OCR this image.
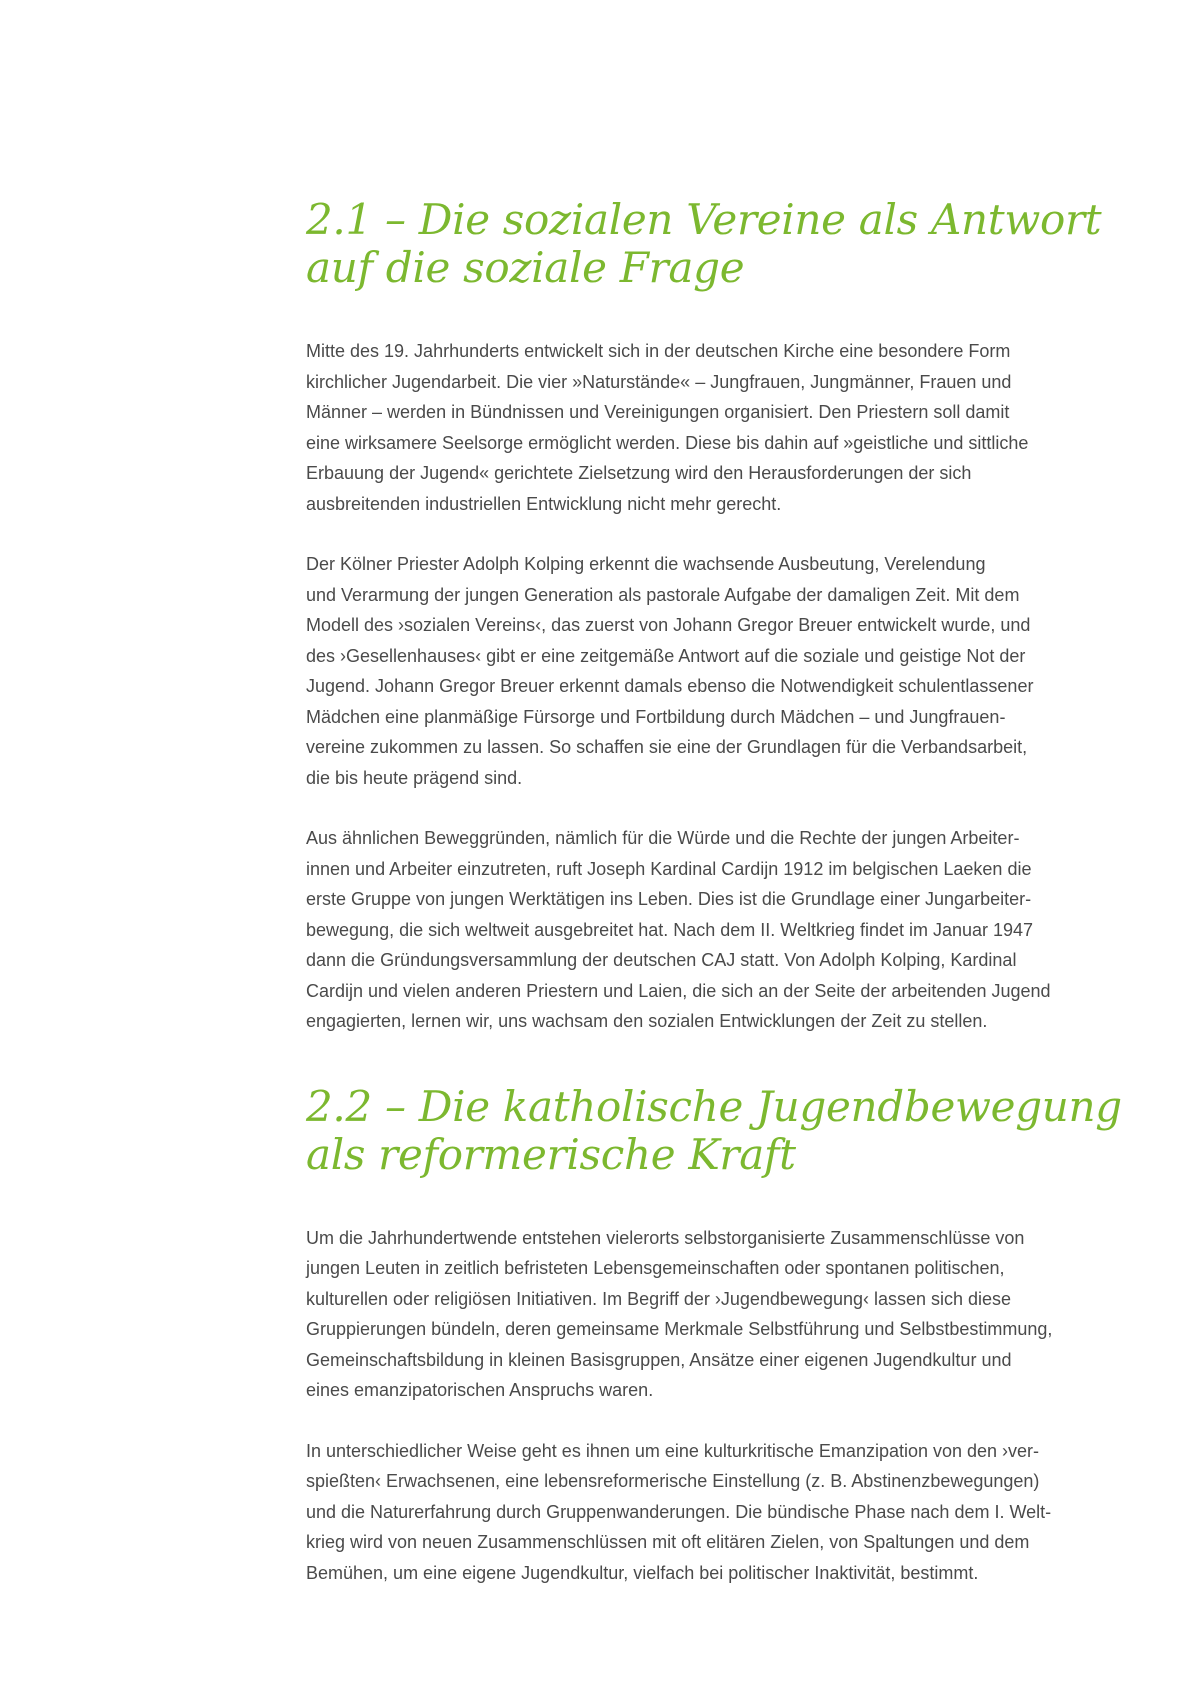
2.1 – Die sozialen Vereine als Antwort
auf die soziale Frage

Mitte des 19. Jahrhunderts entwickelt sich in der deutschen Kirche eine besondere Form
kirchlicher Jugendarbeit. Die vier »Naturstände« – Jungfrauen, Jungmänner, Frauen und
Männer – werden in Bündnissen und Vereinigungen organisiert. Den Priestern soll damit
eine wirksamere Seelsorge ermöglicht werden. Diese bis dahin auf »geistliche und sittliche
Erbauung der Jugend« gerichtete Zielsetzung wird den Herausforderungen der sich
ausbreitenden industriellen Entwicklung nicht mehr gerecht.

Der Kölner Priester Adolph Kolping erkennt die wachsende Ausbeutung, Verelendung
und Verarmung der jungen Generation als pastorale Aufgabe der damaligen Zeit. Mit dem
Modell des ›sozialen Vereins‹, das zuerst von Johann Gregor Breuer entwickelt wurde, und
des ›Gesellenhauses‹ gibt er eine zeitgemäße Antwort auf die soziale und geistige Not der
Jugend. Johann Gregor Breuer erkennt damals ebenso die Notwendigkeit schulentlassener
Mädchen eine planmäßige Fürsorge und Fortbildung durch Mädchen – und Jungfrauen-
vereine zukommen zu lassen. So schaffen sie eine der Grundlagen für die Verbandsarbeit,
die bis heute prägend sind.

Aus ähnlichen Beweggründen, nämlich für die Würde und die Rechte der jungen Arbeiter-
innen und Arbeiter einzutreten, ruft Joseph Kardinal Cardijn 1912 im belgischen Laeken die
erste Gruppe von jungen Werktätigen ins Leben. Dies ist die Grundlage einer Jungarbeiter-
bewegung, die sich weltweit ausgebreitet hat. Nach dem II. Weltkrieg findet im Januar 1947
dann die Gründungsversammlung der deutschen CAJ statt. Von Adolph Kolping, Kardinal
Cardijn und vielen anderen Priestern und Laien, die sich an der Seite der arbeitenden Jugend
engagierten, lernen wir, uns wachsam den sozialen Entwicklungen der Zeit zu stellen.

2.2 – Die katholische Jugendbewegung
als reformerische Kraft

Um die Jahrhundertwende entstehen vielerorts selbstorganisierte Zusammenschlüsse von
jungen Leuten in zeitlich befristeten Lebensgemeinschaften oder spontanen politischen,
kulturellen oder religiösen Initiativen. Im Begriff der ›Jugendbewegung‹ lassen sich diese
Gruppierungen bündeln, deren gemeinsame Merkmale Selbstführung und Selbstbestimmung,
Gemeinschaftsbildung in kleinen Basisgruppen, Ansätze einer eigenen Jugendkultur und
eines emanzipatorischen Anspruchs waren.

In unterschiedlicher Weise geht es ihnen um eine kulturkritische Emanzipation von den ›ver-
spießten‹ Erwachsenen, eine lebensreformerische Einstellung (z. B. Abstinenzbewegungen)
und die Naturerfahrung durch Gruppenwanderungen. Die bündische Phase nach dem I. Welt-
krieg wird von neuen Zusammenschlüssen mit oft elitären Zielen, von Spaltungen und dem
Bemühen, um eine eigene Jugendkultur, vielfach bei politischer Inaktivität, bestimmt.
